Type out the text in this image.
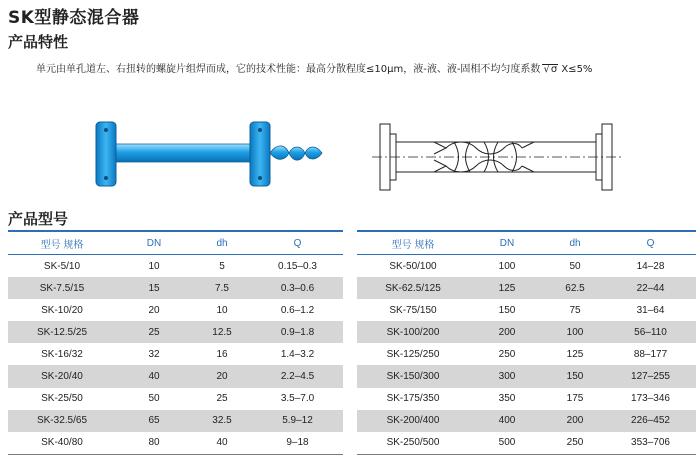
SK型静态混合器
产品特性
单元由单孔道左、右扭转的螺旋片组焊而成，它的技术性能：最高分散程度≤10μm，液-液、液-固相不均匀度系数 √ σ X≤5%
产品型号
型号 规格	DN	dh	Q
SK-5/10	10	5	0.15–0.3
SK-7.5/15	15	7.5	0.3–0.6
SK-10/20	20	10	0.6–1.2
SK-12.5/25	25	12.5	0.9–1.8
SK-16/32	32	16	1.4–3.2
SK-20/40	40	20	2.2–4.5
SK-25/50	50	25	3.5–7.0
SK-32.5/65	65	32.5	5.9–12
SK-40/80	80	40	9–18
型号 规格	DN	dh	Q
SK-50/100	100	50	14–28
SK-62.5/125	125	62.5	22–44
SK-75/150	150	75	31–64
SK-100/200	200	100	56–110
SK-125/250	250	125	88–177
SK-150/300	300	150	127–255
SK-175/350	350	175	173–346
SK-200/400	400	200	226–452
SK-250/500	500	250	353–706
